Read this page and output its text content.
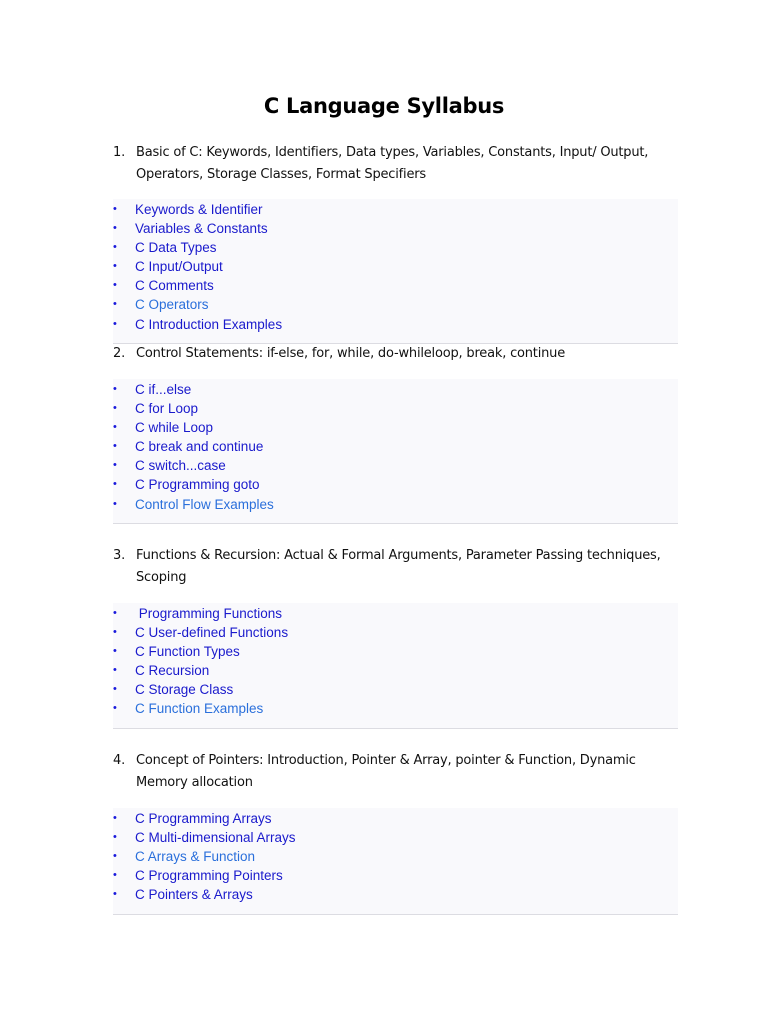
C Language Syllabus
1. Basic of C: Keywords, Identifiers, Data types, Variables, Constants, Input/ Output, Operators, Storage Classes, Format Specifiers
• Keywords & Identifier
• Variables & Constants
• C Data Types
• C Input/Output
• C Comments
• C Operators
• C Introduction Examples
2. Control Statements: if-else, for, while, do-whileloop, break, continue
• C if...else
• C for Loop
• C while Loop
• C break and continue
• C switch...case
• C Programming goto
• Control Flow Examples
3. Functions & Recursion: Actual & Formal Arguments, Parameter Passing techniques, Scoping
• Programming Functions
• C User-defined Functions
• C Function Types
• C Recursion
• C Storage Class
• C Function Examples
4. Concept of Pointers: Introduction, Pointer & Array, pointer & Function, Dynamic Memory allocation
• C Programming Arrays
• C Multi-dimensional Arrays
• C Arrays & Function
• C Programming Pointers
• C Pointers & Arrays
